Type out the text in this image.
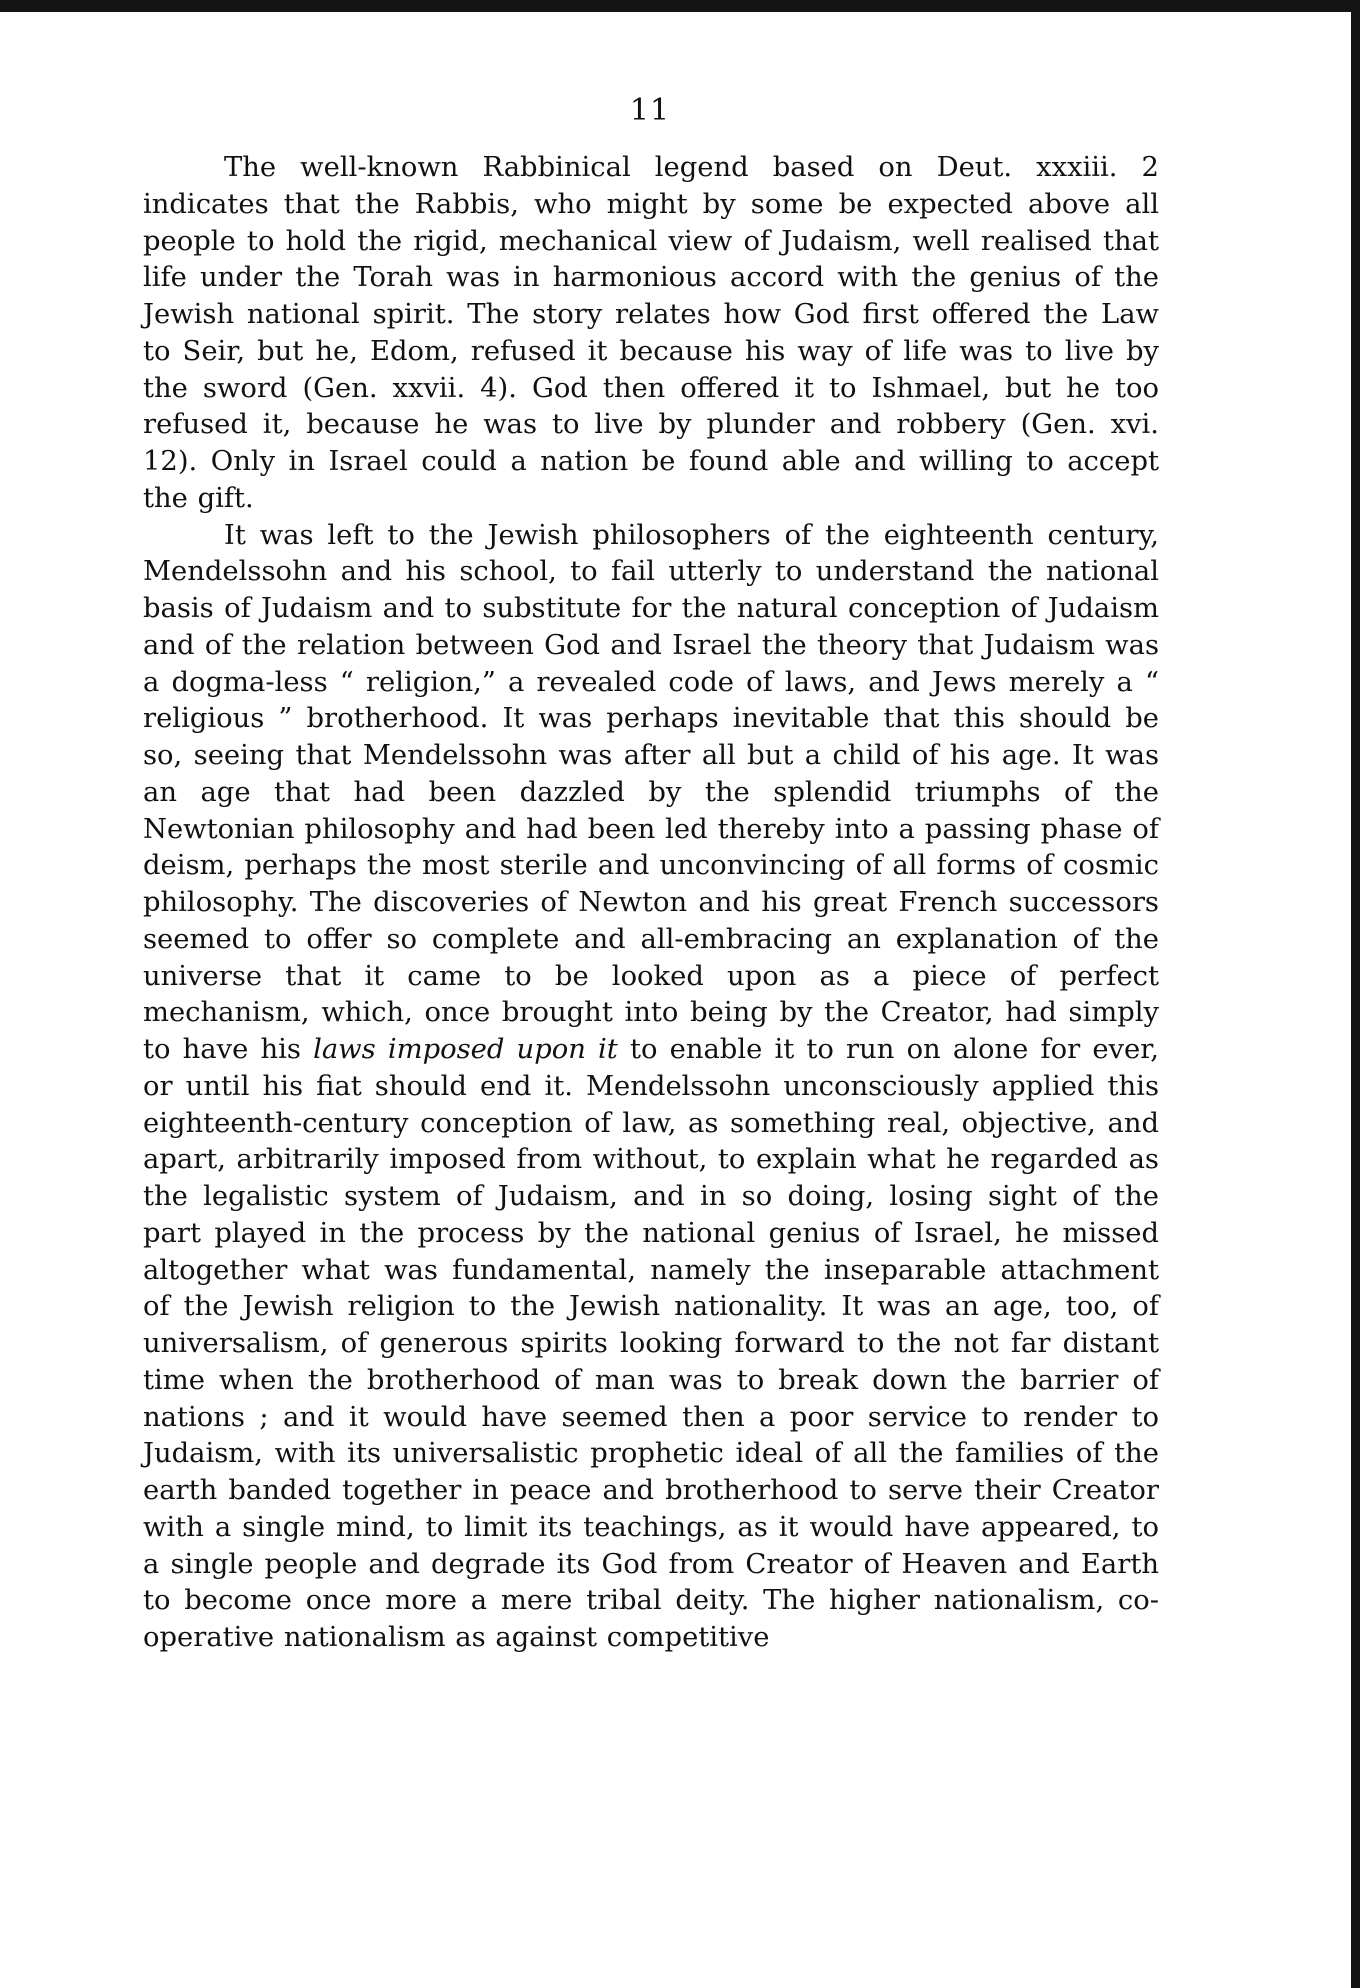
11

The well-known Rabbinical legend based on Deut. xxxiii. 2 indicates that the Rabbis, who might by some be expected above all people to hold the rigid, mechanical view of Judaism, well realised that life under the Torah was in harmonious accord with the genius of the Jewish national spirit. The story relates how God first offered the Law to Seir, but he, Edom, refused it because his way of life was to live by the sword (Gen. xxvii. 4). God then offered it to Ishmael, but he too refused it, because he was to live by plunder and robbery (Gen. xvi. 12). Only in Israel could a nation be found able and willing to accept the gift.

It was left to the Jewish philosophers of the eighteenth century, Mendelssohn and his school, to fail utterly to understand the national basis of Judaism and to substitute for the natural conception of Judaism and of the relation between God and Israel the theory that Judaism was a dogma-less “ religion,” a revealed code of laws, and Jews merely a “ religious ” brotherhood. It was perhaps inevitable that this should be so, seeing that Mendelssohn was after all but a child of his age. It was an age that had been dazzled by the splendid triumphs of the Newtonian philosophy and had been led thereby into a passing phase of deism, perhaps the most sterile and unconvincing of all forms of cosmic philosophy. The discoveries of Newton and his great French successors seemed to offer so complete and all-embracing an explanation of the universe that it came to be looked upon as a piece of perfect mechanism, which, once brought into being by the Creator, had simply to have his laws imposed upon it to enable it to run on alone for ever, or until his fiat should end it. Mendelssohn unconsciously applied this eighteenth-century conception of law, as something real, objective, and apart, arbitrarily imposed from without, to explain what he regarded as the legalistic system of Judaism, and in so doing, losing sight of the part played in the process by the national genius of Israel, he missed altogether what was fundamental, namely the inseparable attachment of the Jewish religion to the Jewish nationality. It was an age, too, of universalism, of generous spirits looking forward to the not far distant time when the brotherhood of man was to break down the barrier of nations ; and it would have seemed then a poor service to render to Judaism, with its universalistic prophetic ideal of all the families of the earth banded together in peace and brotherhood to serve their Creator with a single mind, to limit its teachings, as it would have appeared, to a single people and degrade its God from Creator of Heaven and Earth to become once more a mere tribal deity. The higher nationalism, co-operative nationalism as against competitive
